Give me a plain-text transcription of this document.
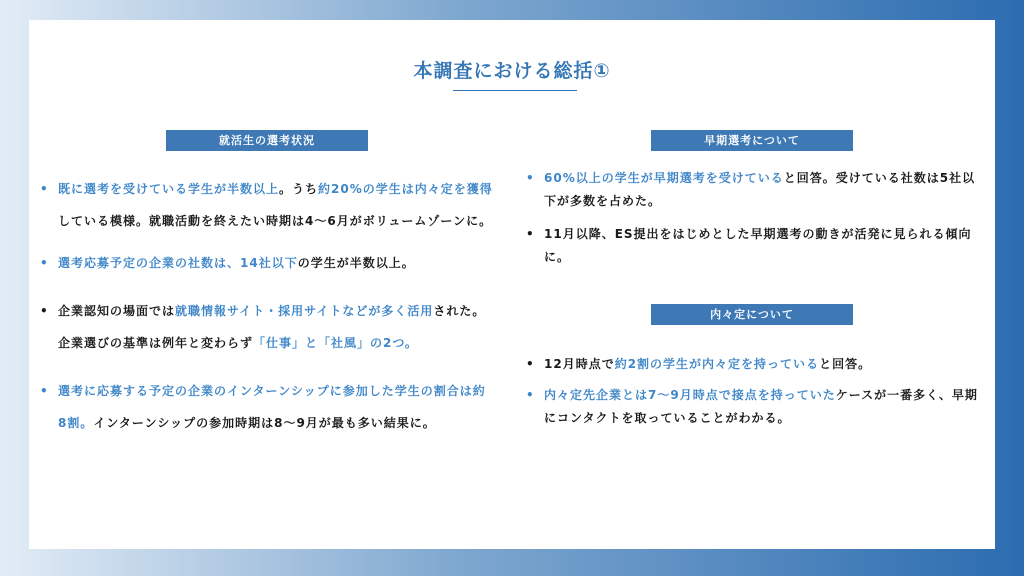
本調査における総括①
就活生の選考状況
• 既に選考を受けている学生が半数以上。うち約20%の学生は内々定を獲得している模様。就職活動を終えたい時期は4～6月がボリュームゾーンに。
• 選考応募予定の企業の社数は、14社以下の学生が半数以上。
• 企業認知の場面では就職情報サイト・採用サイトなどが多く活用された。企業選びの基準は例年と変わらず「仕事」と「社風」の2つ。
• 選考に応募する予定の企業のインターンシップに参加した学生の割合は約8割。インターンシップの参加時期は8～9月が最も多い結果に。
早期選考について
• 60%以上の学生が早期選考を受けていると回答。受けている社数は5社以下が多数を占めた。
• 11月以降、ES提出をはじめとした早期選考の動きが活発に見られる傾向に。
内々定について
• 12月時点で約2割の学生が内々定を持っていると回答。
• 内々定先企業とは7～9月時点で接点を持っていたケースが一番多く、早期にコンタクトを取っていることがわかる。
